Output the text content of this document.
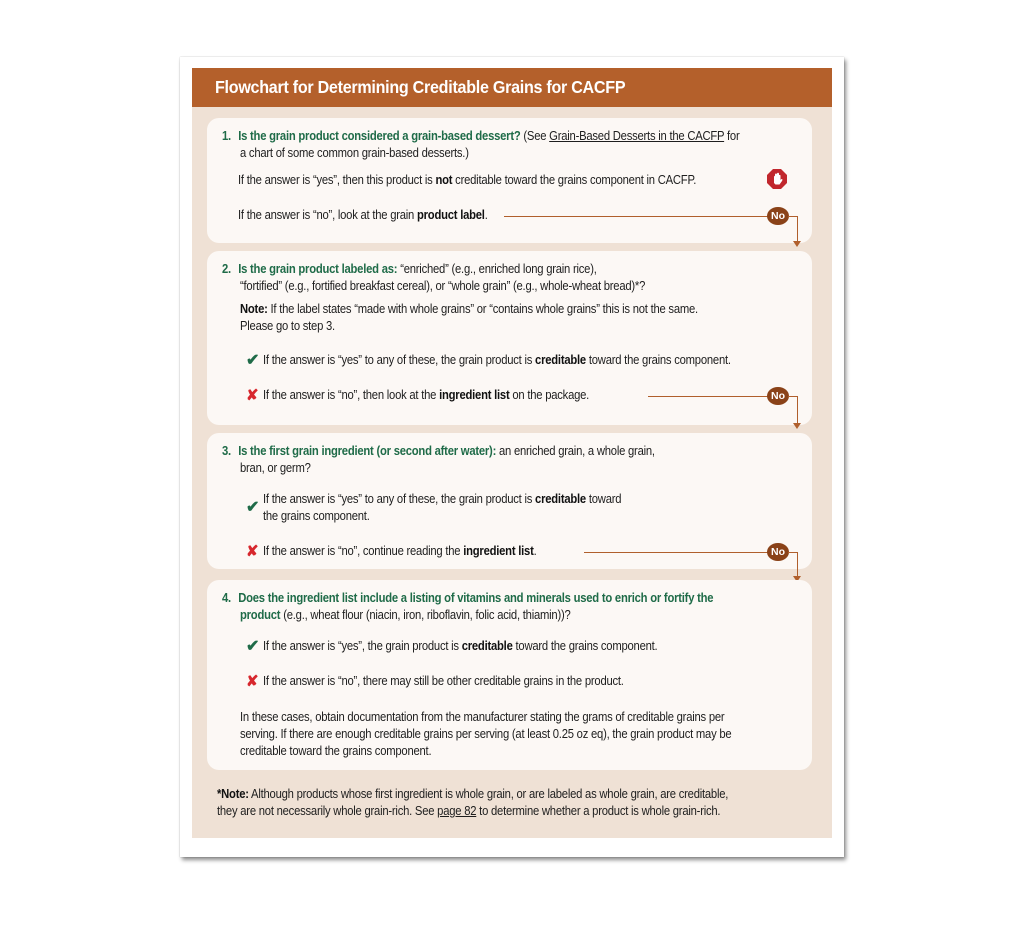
Flowchart for Determining Creditable Grains for CACFP
1. Is the grain product considered a grain-based dessert? (See Grain-Based Desserts in the CACFP for
a chart of some common grain-based desserts.)
If the answer is “yes”, then this product is not creditable toward the grains component in CACFP.
If the answer is “no”, look at the grain product label.	No
2. Is the grain product labeled as: “enriched” (e.g., enriched long grain rice),
“fortified” (e.g., fortified breakfast cereal), or “whole grain” (e.g., whole-wheat bread)*?
Note: If the label states “made with whole grains” or “contains whole grains” this is not the same.
Please go to step 3.
✔ If the answer is “yes” to any of these, the grain product is creditable toward the grains component.
✘ If the answer is “no”, then look at the ingredient list on the package.	No
3. Is the first grain ingredient (or second after water): an enriched grain, a whole grain,
bran, or germ?
✔ If the answer is “yes” to any of these, the grain product is creditable toward
the grains component.
✘ If the answer is “no”, continue reading the ingredient list.	No
4. Does the ingredient list include a listing of vitamins and minerals used to enrich or fortify the
product (e.g., wheat flour (niacin, iron, riboflavin, folic acid, thiamin))?
✔ If the answer is “yes”, the grain product is creditable toward the grains component.
✘ If the answer is “no”, there may still be other creditable grains in the product.
In these cases, obtain documentation from the manufacturer stating the grams of creditable grains per
serving. If there are enough creditable grains per serving (at least 0.25 oz eq), the grain product may be
creditable toward the grains component.
*Note: Although products whose first ingredient is whole grain, or are labeled as whole grain, are creditable,
they are not necessarily whole grain-rich. See page 82 to determine whether a product is whole grain-rich.
